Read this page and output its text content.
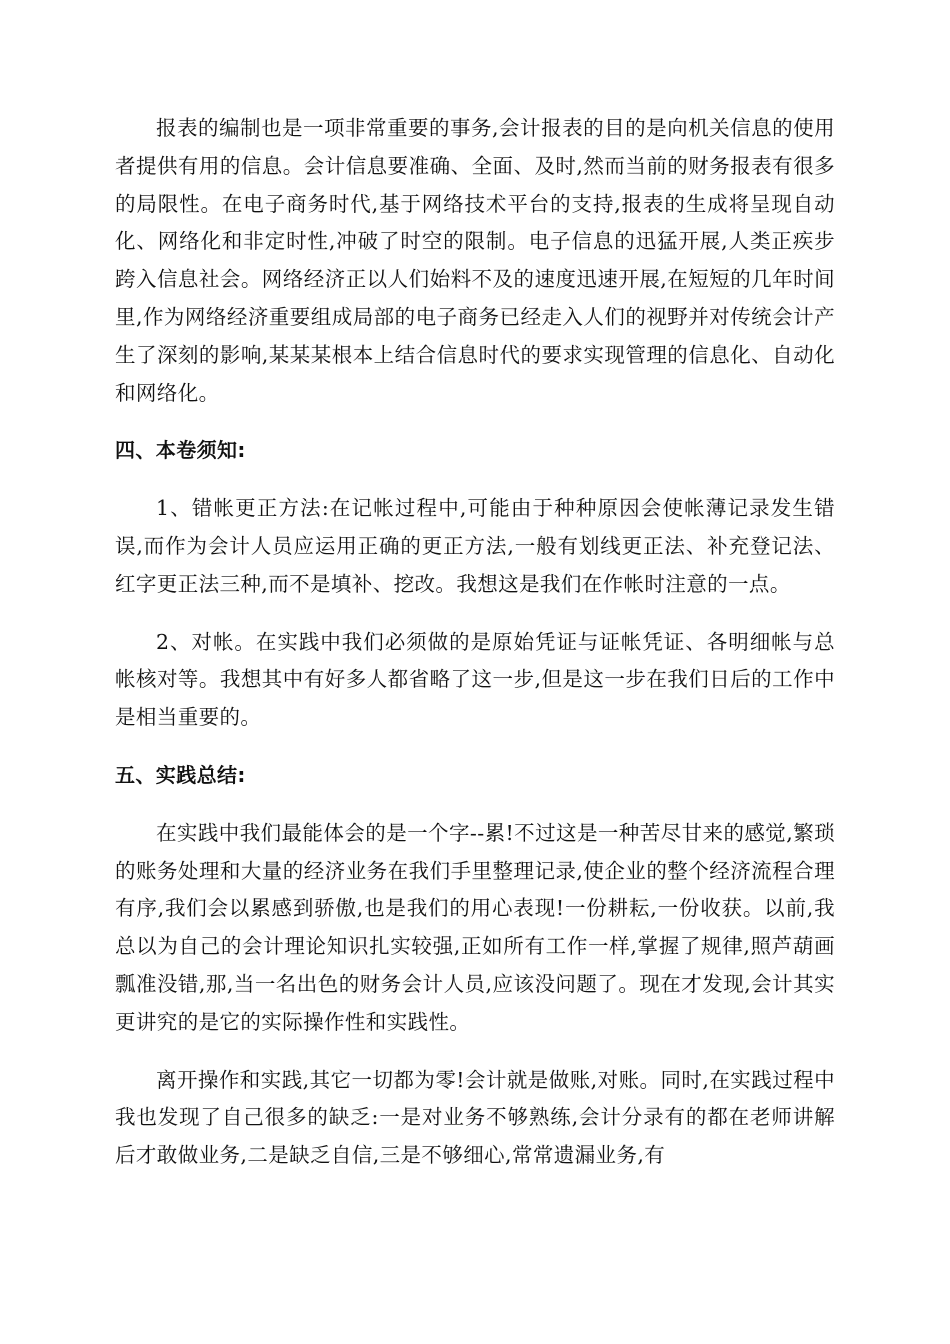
报表的编制也是一项非常重要的事务,会计报表的目的是向机关信息的使用者提供有用的信息。会计信息要准确、全面、及时,然而当前的财务报表有很多的局限性。在电子商务时代,基于网络技术平台的支持,报表的生成将呈现自动化、网络化和非定时性,冲破了时空的限制。电子信息的迅猛开展,人类正疾步跨入信息社会。网络经济正以人们始料不及的速度迅速开展,在短短的几年时间里,作为网络经济重要组成局部的电子商务已经走入人们的视野并对传统会计产生了深刻的影响,某某某根本上结合信息时代的要求实现管理的信息化、自动化和网络化。

四、本卷须知:

1、错帐更正方法:在记帐过程中,可能由于种种原因会使帐薄记录发生错误,而作为会计人员应运用正确的更正方法,一般有划线更正法、补充登记法、红字更正法三种,而不是填补、挖改。我想这是我们在作帐时注意的一点。

2、对帐。在实践中我们必须做的是原始凭证与证帐凭证、各明细帐与总帐核对等。我想其中有好多人都省略了这一步,但是这一步在我们日后的工作中是相当重要的。

五、实践总结:

在实践中我们最能体会的是一个字--累!不过这是一种苦尽甘来的感觉,繁琐的账务处理和大量的经济业务在我们手里整理记录,使企业的整个经济流程合理有序,我们会以累感到骄傲,也是我们的用心表现!一份耕耘,一份收获。以前,我总以为自己的会计理论知识扎实较强,正如所有工作一样,掌握了规律,照芦葫画瓢准没错,那,当一名出色的财务会计人员,应该没问题了。现在才发现,会计其实更讲究的是它的实际操作性和实践性。

离开操作和实践,其它一切都为零!会计就是做账,对账。同时,在实践过程中我也发现了自己很多的缺乏:一是对业务不够熟练,会计分录有的都在老师讲解后才敢做业务,二是缺乏自信,三是不够细心,常常遗漏业务,有
